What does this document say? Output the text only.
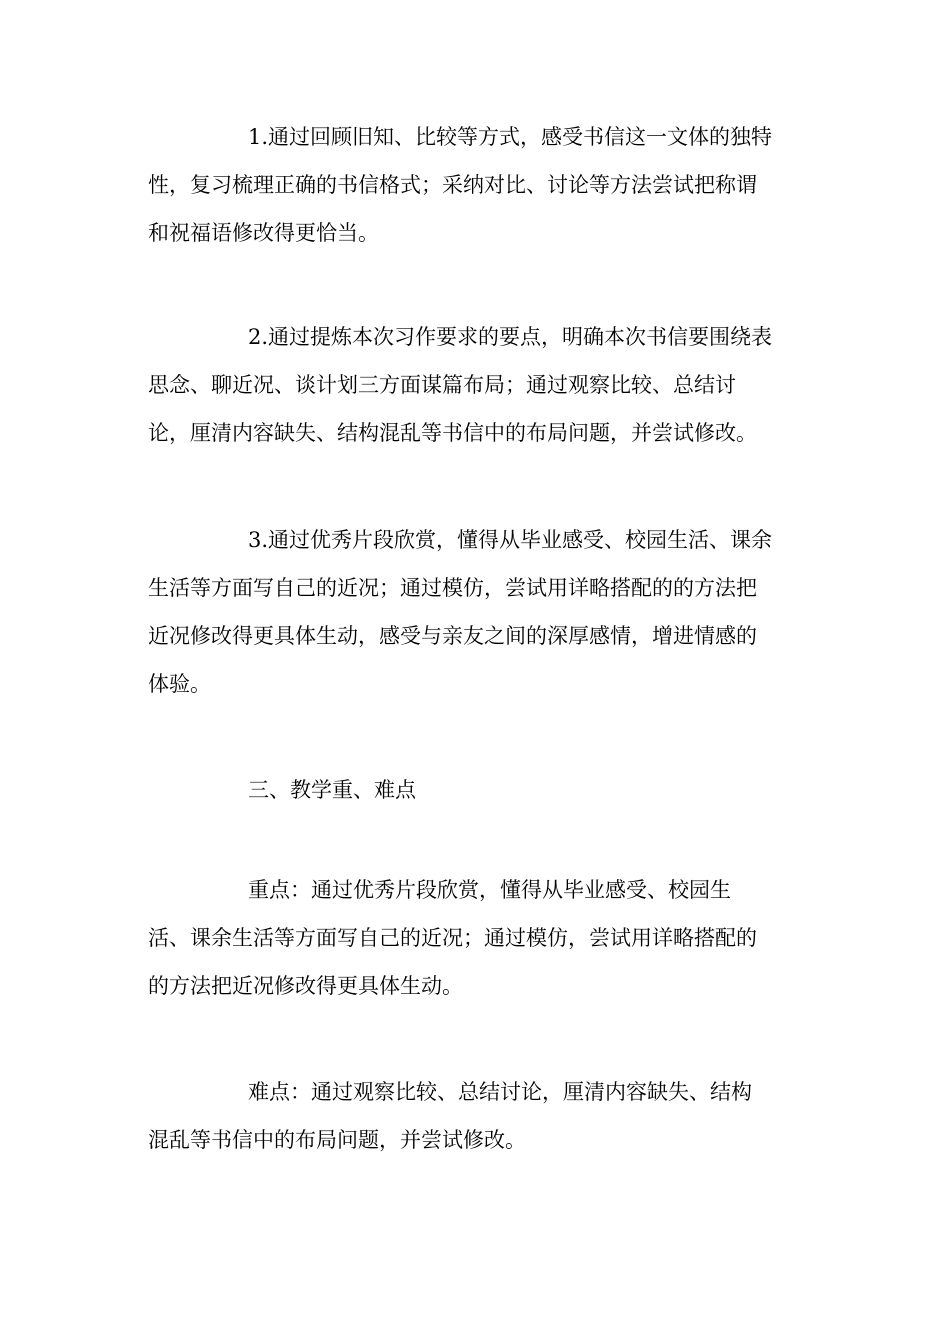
1.通过回顾旧知、比较等方式，感受书信这一文体的独特
性，复习梳理正确的书信格式；采纳对比、讨论等方法尝试把称谓
和祝福语修改得更恰当。
2.通过提炼本次习作要求的要点，明确本次书信要围绕表
思念、聊近况、谈计划三方面谋篇布局；通过观察比较、总结讨
论，厘清内容缺失、结构混乱等书信中的布局问题，并尝试修改。
3.通过优秀片段欣赏，懂得从毕业感受、校园生活、课余
生活等方面写自己的近况；通过模仿，尝试用详略搭配的的方法把
近况修改得更具体生动，感受与亲友之间的深厚感情，增进情感的
体验。
三、教学重、难点
重点：通过优秀片段欣赏，懂得从毕业感受、校园生
活、课余生活等方面写自己的近况；通过模仿，尝试用详略搭配的
的方法把近况修改得更具体生动。
难点：通过观察比较、总结讨论，厘清内容缺失、结构
混乱等书信中的布局问题，并尝试修改。
